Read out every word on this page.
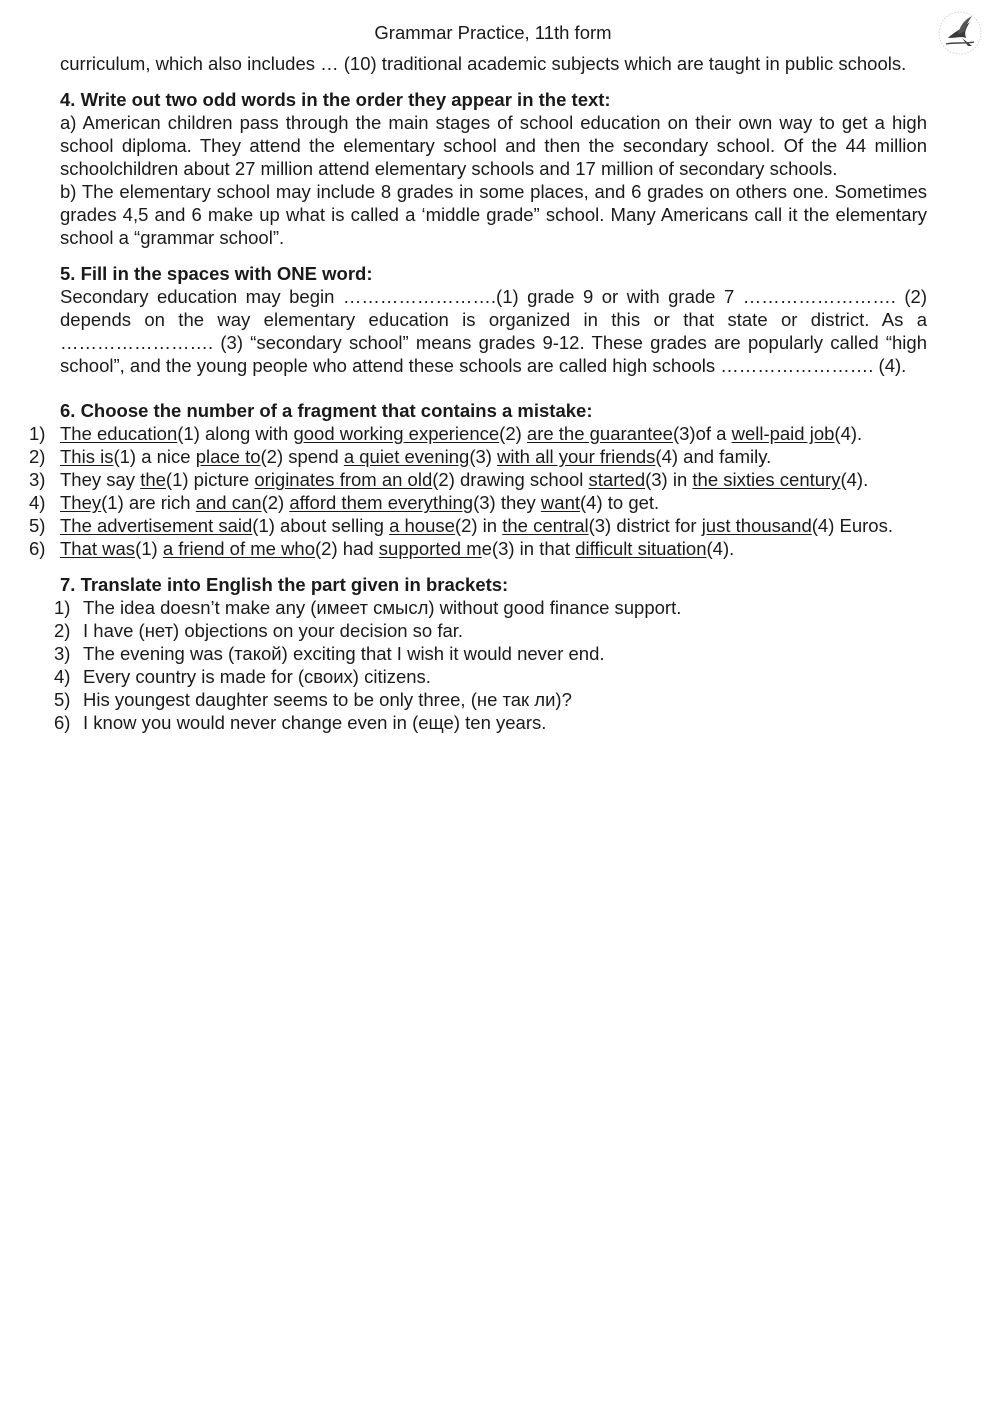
Grammar Practice, 11th form

curriculum, which also includes … (10) traditional academic subjects which are taught in public schools.

4. Write out two odd words in the order they appear in the text:

a) American children pass through the main stages of school education on their own way to get a high school diploma. They attend the elementary school and then the secondary school. Of the 44 million schoolchildren about 27 million attend elementary schools and 17 million of secondary schools.

b) The elementary school may include 8 grades in some places, and 6 grades on others one. Sometimes grades 4,5 and 6 make up what is called a ‘middle grade” school. Many Americans call it the elementary school a “grammar school”.

5. Fill in the spaces with ONE word:

Secondary education may begin …………………….(1) grade 9 or with grade 7 ……………………. (2) depends on the way elementary education is organized in this or that state or district. As a ……………………. (3) “secondary school” means grades 9-12. These grades are popularly called “high school”, and the young people who attend these schools are called high schools ……………………. (4).

6. Choose the number of a fragment that contains a mistake:

1) The education(1) along with good working experience(2) are the guarantee(3)of a well-paid job(4).
2) This is(1) a nice place to(2) spend a quiet evening(3) with all your friends(4) and family.
3) They say the(1) picture originates from an old(2) drawing school started(3) in the sixties century(4).
4) They(1) are rich and can(2) afford them everything(3) they want(4) to get.
5) The advertisement said(1) about selling a house(2) in the central(3) district for just thousand(4) Euros.
6) That was(1) a friend of me who(2) had supported me(3) in that difficult situation(4).

7. Translate into English the part given in brackets:

1) The idea doesn’t make any (имеет смысл) without good finance support.
2) I have (нет) objections on your decision so far.
3) The evening was (такой) exciting that I wish it would never end.
4) Every country is made for (своих) citizens.
5) His youngest daughter seems to be only three, (не так ли)?
6) I know you would never change even in (еще) ten years.
